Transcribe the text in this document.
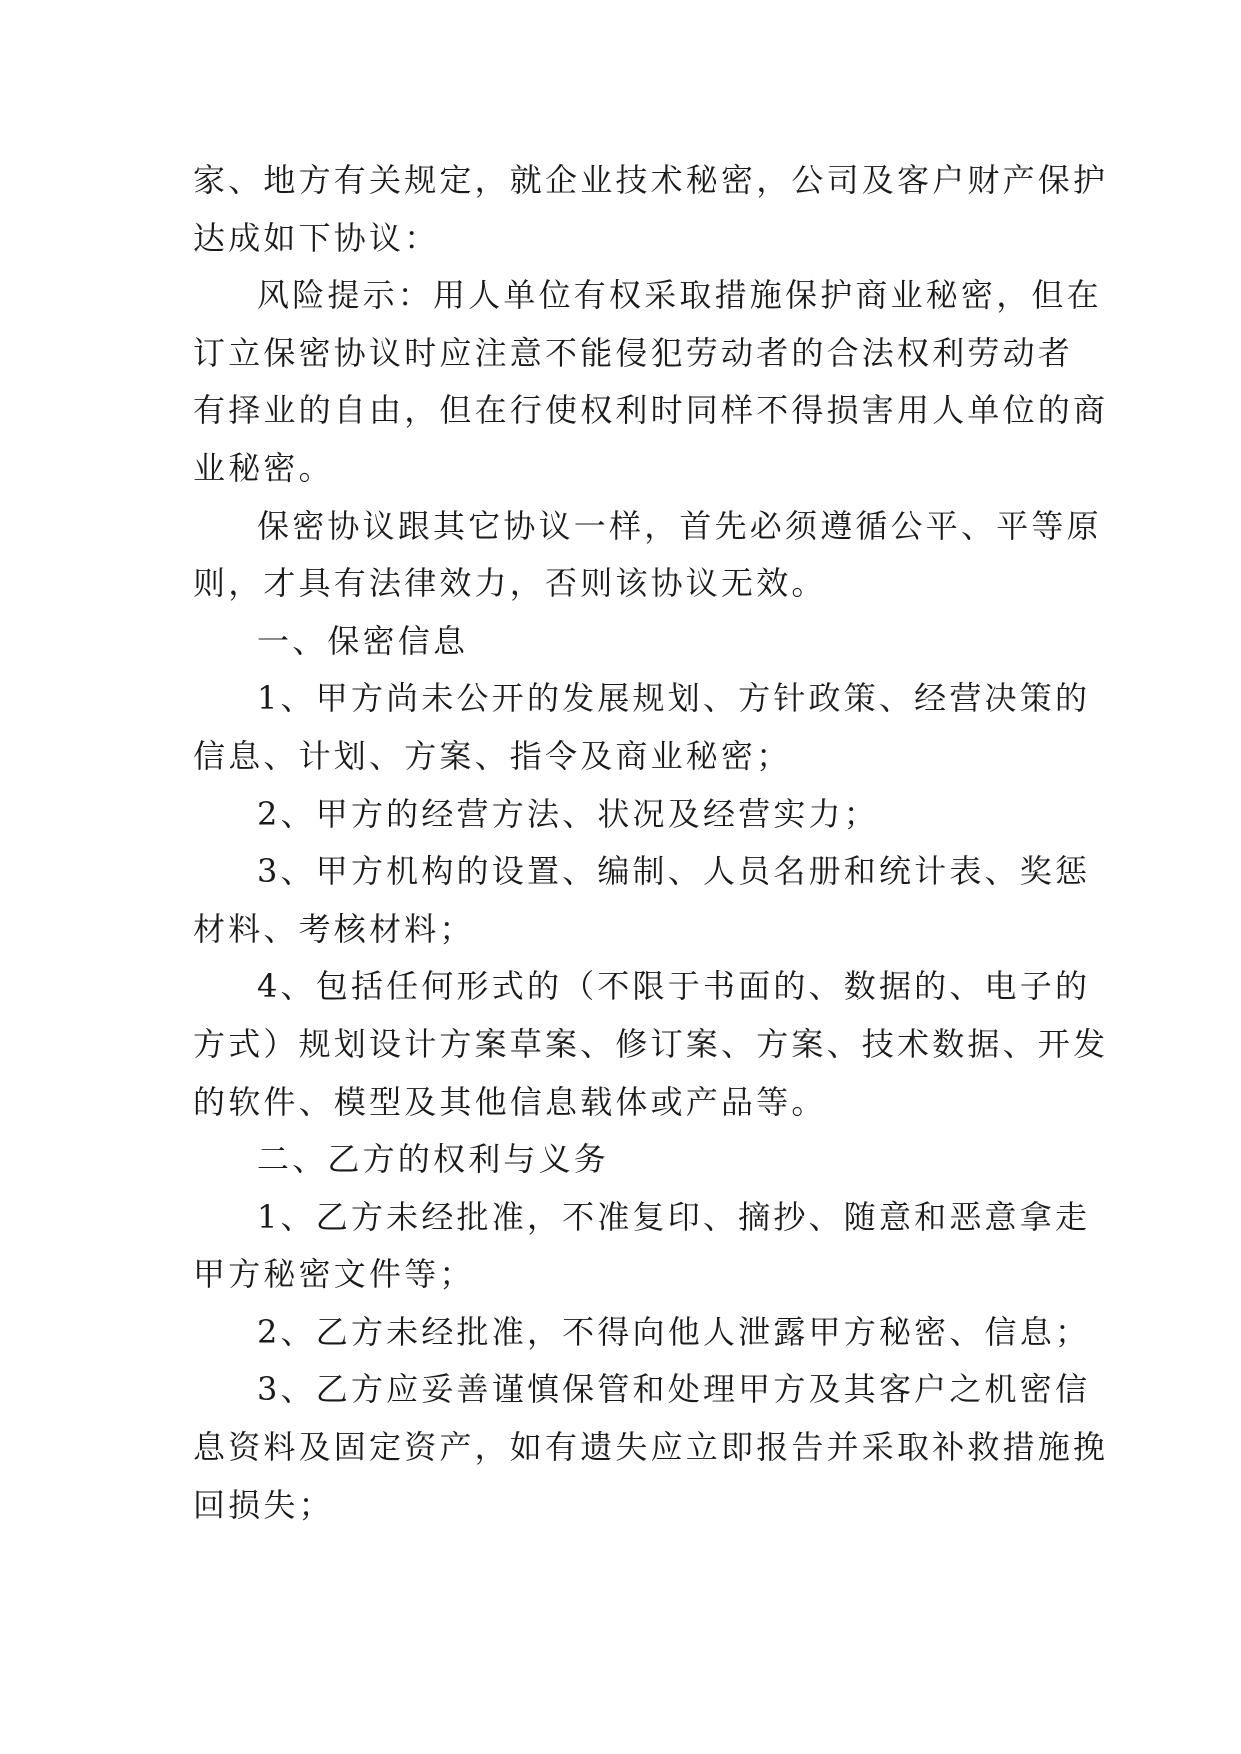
家、地方有关规定，就企业技术秘密，公司及客户财产保护
达成如下协议：
风险提示：用人单位有权采取措施保护商业秘密，但在
订立保密协议时应注意不能侵犯劳动者的合法权利劳动者
有择业的自由，但在行使权利时同样不得损害用人单位的商
业秘密。
保密协议跟其它协议一样，首先必须遵循公平、平等原
则，才具有法律效力，否则该协议无效。
一、保密信息
1、甲方尚未公开的发展规划、方针政策、经营决策的
信息、计划、方案、指令及商业秘密；
2、甲方的经营方法、状况及经营实力；
3、甲方机构的设置、编制、人员名册和统计表、奖惩
材料、考核材料；
4、包括任何形式的（不限于书面的、数据的、电子的
方式）规划设计方案草案、修订案、方案、技术数据、开发
的软件、模型及其他信息载体或产品等。
二、乙方的权利与义务
1、乙方未经批准，不准复印、摘抄、随意和恶意拿走
甲方秘密文件等；
2、乙方未经批准，不得向他人泄露甲方秘密、信息；
3、乙方应妥善谨慎保管和处理甲方及其客户之机密信
息资料及固定资产，如有遗失应立即报告并采取补救措施挽
回损失；
